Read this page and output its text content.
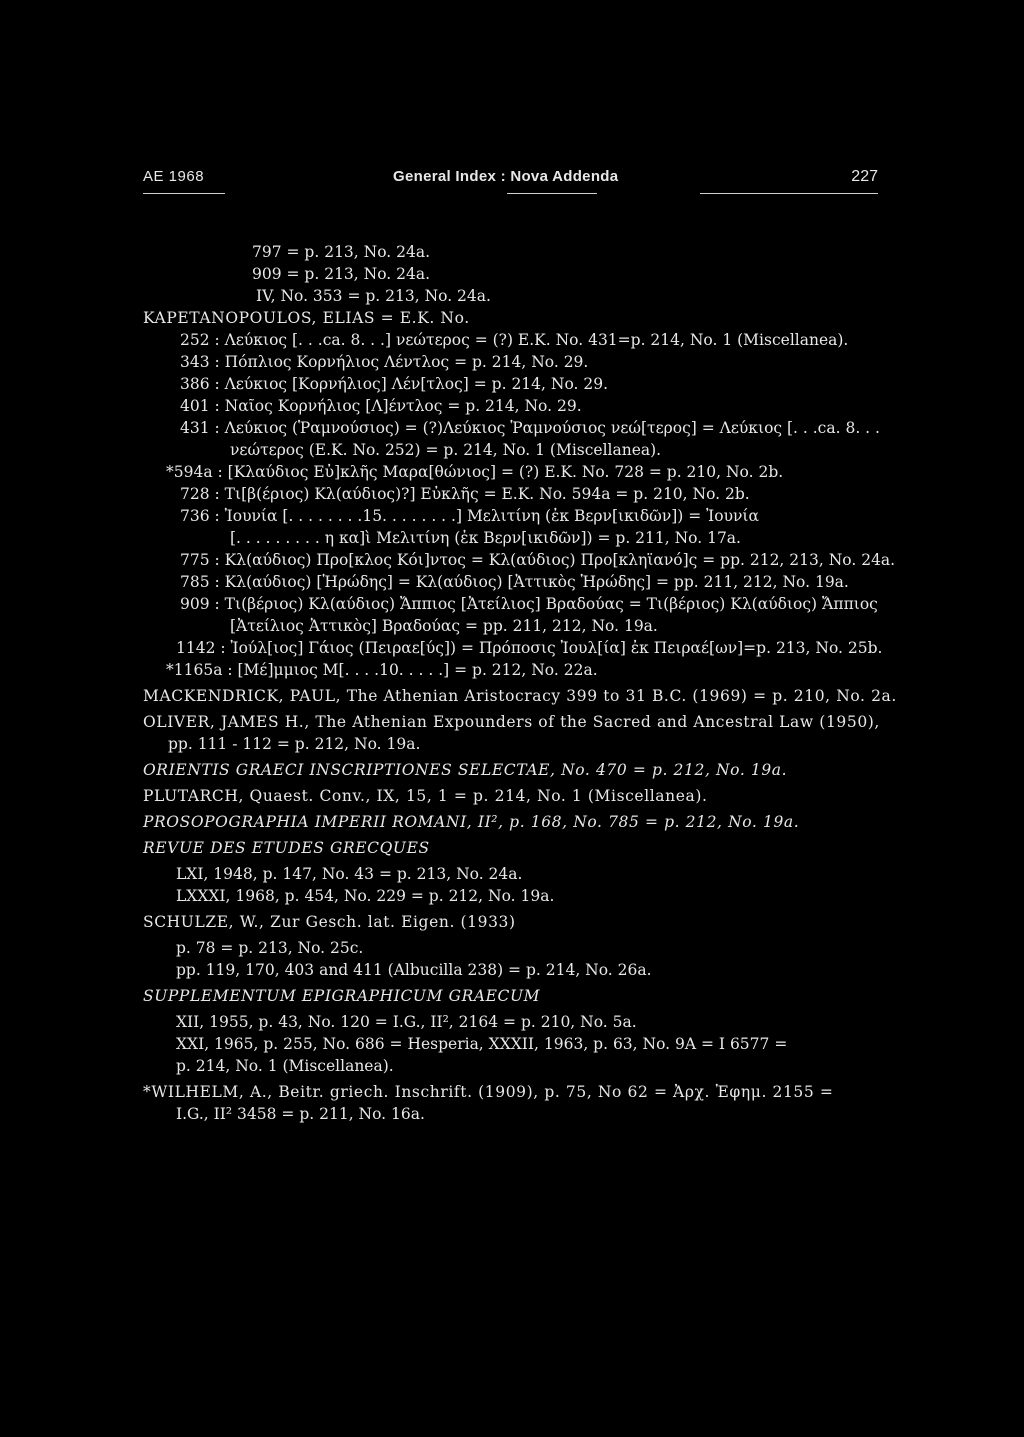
AE 1968	General Index : Nova Addenda	227
797 = p. 213, No. 24a.
909 = p. 213, No. 24a.
IV, No. 353 = p. 213, No. 24a.
KAPETANOPOULOS, ELIAS = E.K. No.
252 : Λεύκιος [. . .ca. 8. . .] νεώτερος = (?) E.K. No. 431=p. 214, No. 1 (Miscellanea).
343 : Πόπλιος Κορνήλιος Λέντλος = p. 214, No. 29.
386 : Λεύκιος [Κορνήλιος] Λέν[τλος] = p. 214, No. 29.
401 : Ναῖος Κορνήλιος [Λ]έντλος = p. 214, No. 29.
431 : Λεύκιος (Ῥαμνούσιος) = (?)Λεύκιος Ῥαμνούσιος νεώ[τερος] = Λεύκιος [. . .ca. 8. . .
νεώτερος (E.K. No. 252) = p. 214, No. 1 (Miscellanea).
*594a : [Κλαύδιος Εὐ]κλῆς Μαρα[θώνιος] = (?) E.K. No. 728 = p. 210, No. 2b.
728 : Τι[β(έριος) Κλ(αύδιος)?] Εὐκλῆς = E.K. No. 594a = p. 210, No. 2b.
736 : Ἰουνία [. . . . . . . .15. . . . . . . .] Μελιτίνη (ἐκ Βερν[ικιδῶν]) = Ἰουνία
[. . . . . . . . . η κα]ὶ Μελιτίνη (ἐκ Βερν[ικιδῶν]) = p. 211, No. 17a.
775 : Κλ(αύδιος) Προ[κλος Κόι]ντος = Κλ(αύδιος) Προ[κληϊανό]ς = pp. 212, 213, No. 24a.
785 : Κλ(αύδιος) [Ἡρώδης] = Κλ(αύδιος) [Ἀττικὸς Ἡρώδης] = pp. 211, 212, No. 19a.
909 : Τι(βέριος) Κλ(αύδιος) Ἄππιος [Ἀτείλιος] Βραδούας = Τι(βέριος) Κλ(αύδιος) Ἄππιος
[Ἀτείλιος Ἀττικὸς] Βραδούας = pp. 211, 212, No. 19a.
1142 : Ἰούλ[ιος] Γάιος (Πειραε[ύς]) = Πρόποσις Ἰουλ[ία] ἐκ Πειραέ[ων]=p. 213, No. 25b.
*1165a : [Μέ]μμιος Μ[. . . .10. . . . .] = p. 212, No. 22a.
MACKENDRICK, PAUL, The Athenian Aristocracy 399 to 31 B.C. (1969) = p. 210, No. 2a.
OLIVER, JAMES H., The Athenian Expounders of the Sacred and Ancestral Law (1950),
pp. 111 - 112 = p. 212, No. 19a.
ORIENTIS GRAECI INSCRIPTIONES SELECTAE, No. 470 = p. 212, No. 19a.
PLUTARCH, Quaest. Conv., IX, 15, 1 = p. 214, No. 1 (Miscellanea).
PROSOPOGRAPHIA IMPERII ROMANI, II², p. 168, No. 785 = p. 212, No. 19a.
REVUE DES ETUDES GRECQUES
LXI, 1948, p. 147, No. 43 = p. 213, No. 24a.
LXXXI, 1968, p. 454, No. 229 = p. 212, No. 19a.
SCHULZE, W., Zur Gesch. lat. Eigen. (1933)
p. 78 = p. 213, No. 25c.
pp. 119, 170, 403 and 411 (Albucilla 238) = p. 214, No. 26a.
SUPPLEMENTUM EPIGRAPHICUM GRAECUM
XII, 1955, p. 43, No. 120 = I.G., II², 2164 = p. 210, No. 5a.
XXI, 1965, p. 255, No. 686 = Hesperia, XXXII, 1963, p. 63, No. 9A = I 6577 =
p. 214, No. 1 (Miscellanea).
*WILHELM, A., Beitr. griech. Inschrift. (1909), p. 75, No 62 = Ἀρχ. Ἐφημ. 2155 =
I.G., II² 3458 = p. 211, No. 16a.
